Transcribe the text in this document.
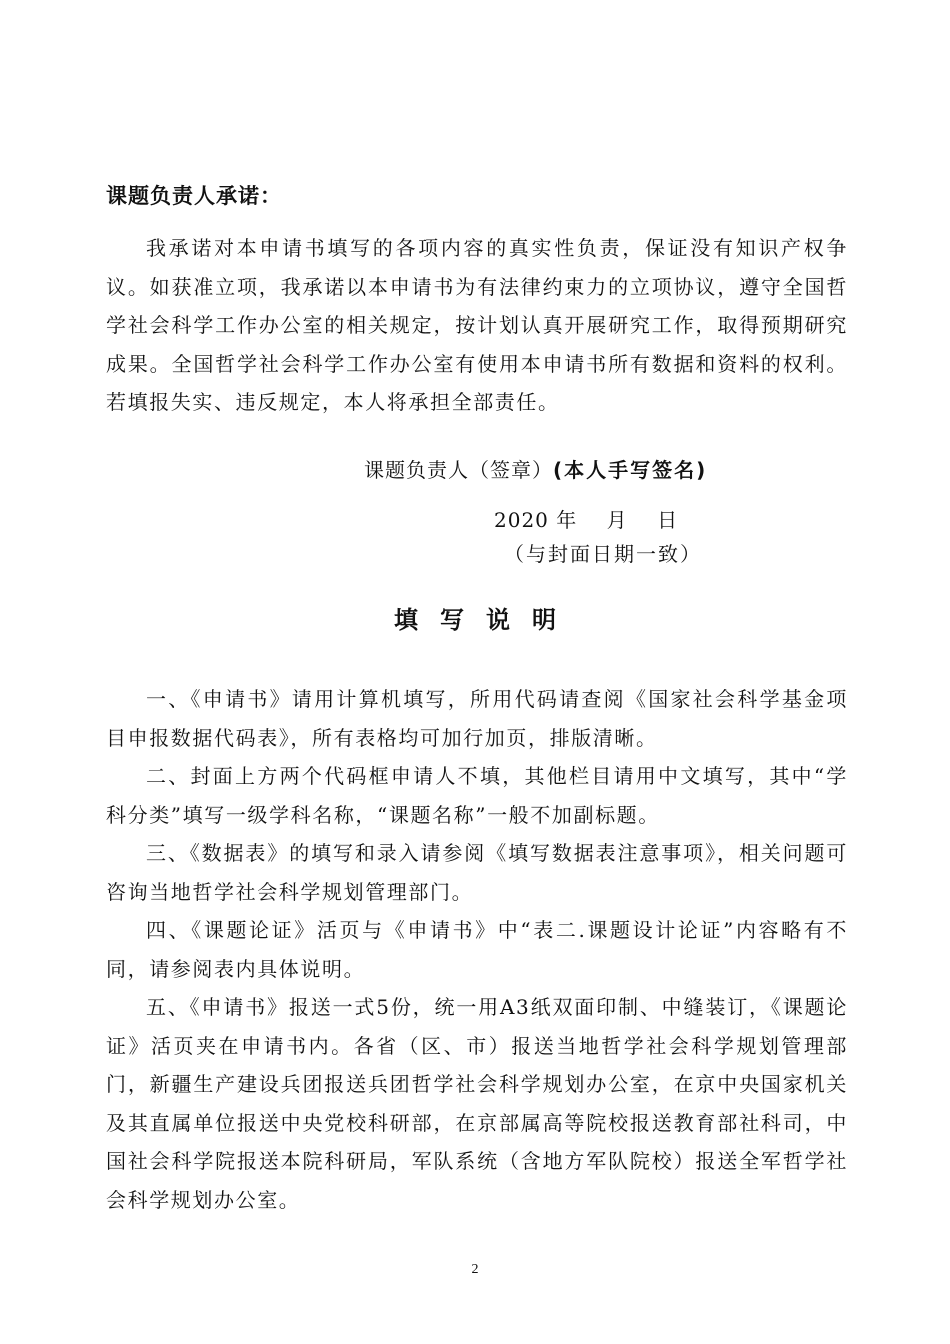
课题负责人承诺：

我承诺对本申请书填写的各项内容的真实性负责，保证没有知识产权争议。如获准立项，我承诺以本申请书为有法律约束力的立项协议，遵守全国哲学社会科学工作办公室的相关规定，按计划认真开展研究工作，取得预期研究成果。全国哲学社会科学工作办公室有使用本申请书所有数据和资料的权利。若填报失实、违反规定，本人将承担全部责任。

课题负责人（签章）(本人手写签名)
2020 年    月    日
（与封面日期一致）
填写说明

一、《申请书》请用计算机填写，所用代码请查阅《国家社会科学基金项目申报数据代码表》，所有表格均可加行加页，排版清晰。

二、封面上方两个代码框申请人不填，其他栏目请用中文填写，其中“学科分类”填写一级学科名称，“课题名称”一般不加副标题。

三、《数据表》的填写和录入请参阅《填写数据表注意事项》，相关问题可咨询当地哲学社会科学规划管理部门。

四、《课题论证》活页与《申请书》中“表二.课题设计论证”内容略有不同，请参阅表内具体说明。

五、《申请书》报送一式5份，统一用A3纸双面印制、中缝装订，《课题论证》活页夹在申请书内。各省（区、市）报送当地哲学社会科学规划管理部门，新疆生产建设兵团报送兵团哲学社会科学规划办公室，在京中央国家机关及其直属单位报送中央党校科研部，在京部属高等院校报送教育部社科司，中国社会科学院报送本院科研局，军队系统（含地方军队院校）报送全军哲学社会科学规划办公室。

2
